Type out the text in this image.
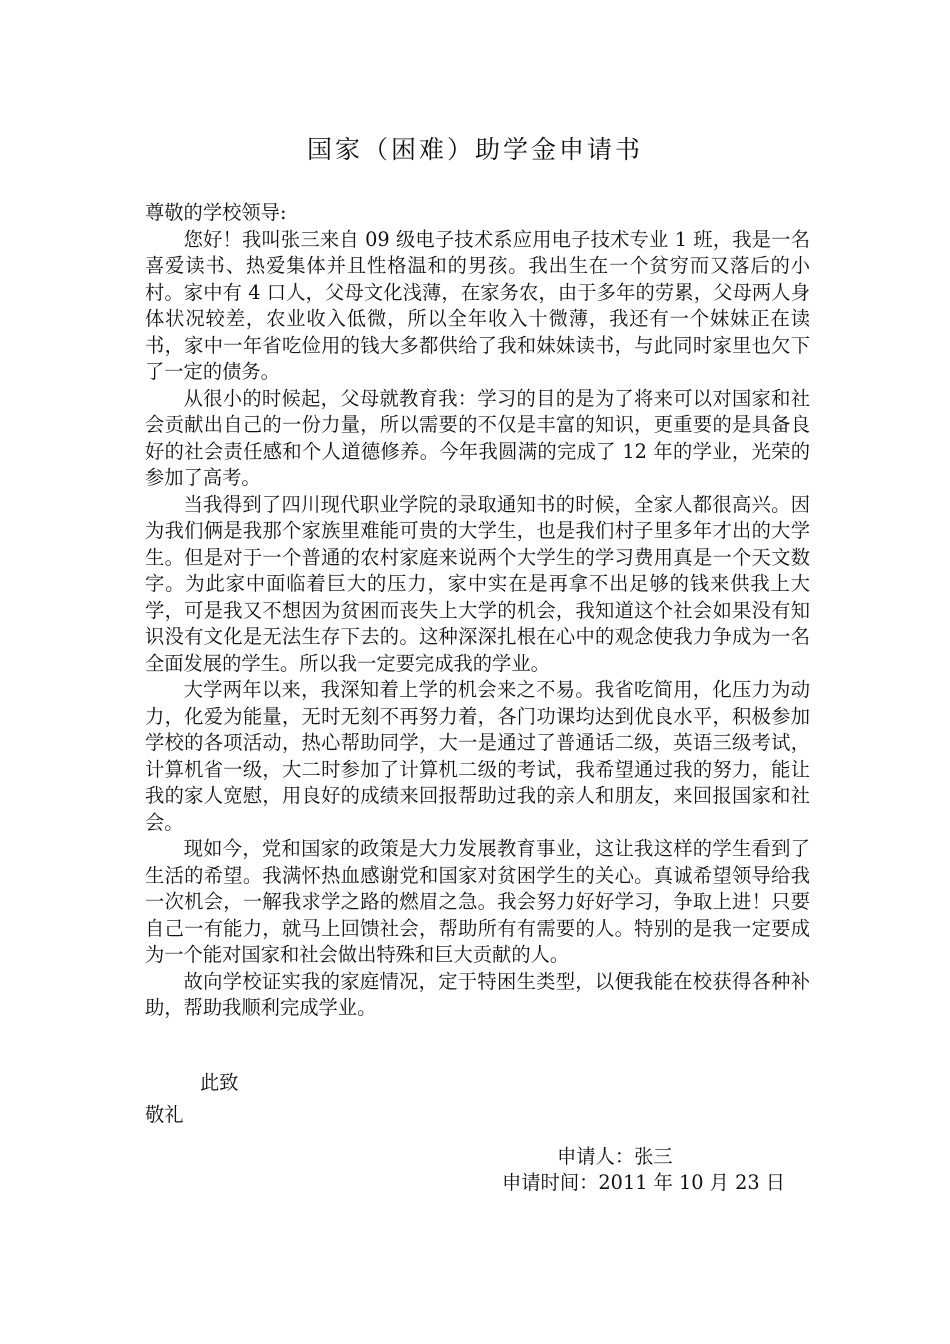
国家（困难）助学金申请书

尊敬的学校领导:

您好！我叫张三来自 09 级电子技术系应用电子技术专业 1 班，我是一名喜爱读书、热爱集体并且性格温和的男孩。我出生在一个贫穷而又落后的小村。家中有 4 口人，父母文化浅薄，在家务农，由于多年的劳累，父母两人身体状况较差，农业收入低微，所以全年收入十微薄，我还有一个妹妹正在读书，家中一年省吃俭用的钱大多都供给了我和妹妹读书，与此同时家里也欠下了一定的债务。

从很小的时候起，父母就教育我：学习的目的是为了将来可以对国家和社会贡献出自己的一份力量，所以需要的不仅是丰富的知识，更重要的是具备良好的社会责任感和个人道德修养。今年我圆满的完成了 12 年的学业，光荣的参加了高考。

当我得到了四川现代职业学院的录取通知书的时候，全家人都很高兴。因为我们俩是我那个家族里难能可贵的大学生，也是我们村子里多年才出的大学生。但是对于一个普通的农村家庭来说两个大学生的学习费用真是一个天文数字。为此家中面临着巨大的压力，家中实在是再拿不出足够的钱来供我上大学，可是我又不想因为贫困而丧失上大学的机会，我知道这个社会如果没有知识没有文化是无法生存下去的。这种深深扎根在心中的观念使我力争成为一名全面发展的学生。所以我一定要完成我的学业。

大学两年以来，我深知着上学的机会来之不易。我省吃简用，化压力为动力，化爱为能量，无时无刻不再努力着，各门功课均达到优良水平，积极参加学校的各项活动，热心帮助同学，大一是通过了普通话二级，英语三级考试，计算机省一级，大二时参加了计算机二级的考试，我希望通过我的努力，能让我的家人宽慰，用良好的成绩来回报帮助过我的亲人和朋友，来回报国家和社会。

现如今，党和国家的政策是大力发展教育事业，这让我这样的学生看到了生活的希望。我满怀热血感谢党和国家对贫困学生的关心。真诚希望领导给我一次机会，一解我求学之路的燃眉之急。我会努力好好学习，争取上进！只要自己一有能力，就马上回馈社会，帮助所有有需要的人。特别的是我一定要成为一个能对国家和社会做出特殊和巨大贡献的人。

故向学校证实我的家庭情况，定于特困生类型，以便我能在校获得各种补助，帮助我顺利完成学业。

此致
敬礼
申请人：张三
申请时间：2011 年 10 月 23 日
